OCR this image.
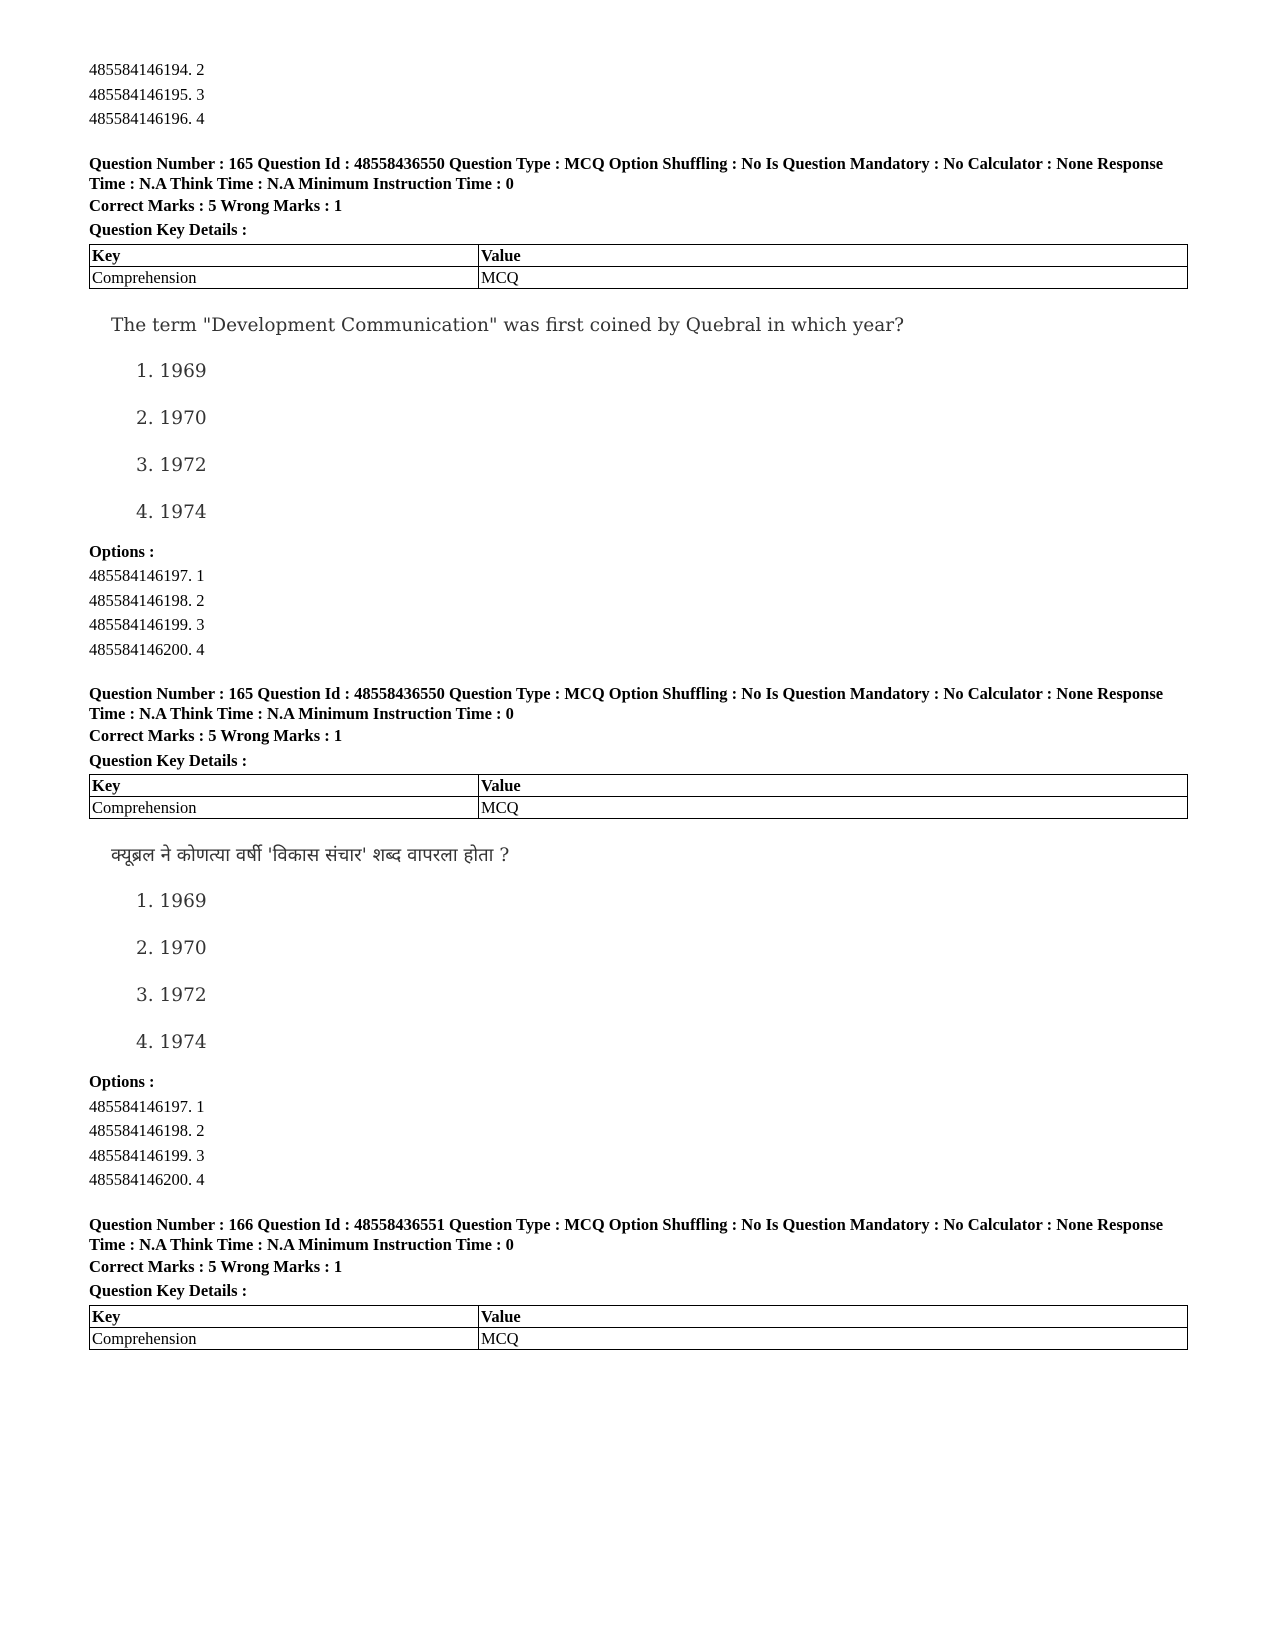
485584146194. 2
485584146195. 3
485584146196. 4
Question Number : 165 Question Id : 48558436550 Question Type : MCQ Option Shuffling : No Is Question Mandatory : No Calculator : None Response Time : N.A Think Time : N.A Minimum Instruction Time : 0
Correct Marks : 5 Wrong Marks : 1
Question Key Details :
Key	Value
Comprehension	MCQ
The term "Development Communication" was first coined by Quebral in which year?
1. 1969
2. 1970
3. 1972
4. 1974
Options :
485584146197. 1
485584146198. 2
485584146199. 3
485584146200. 4
Question Number : 165 Question Id : 48558436550 Question Type : MCQ Option Shuffling : No Is Question Mandatory : No Calculator : None Response Time : N.A Think Time : N.A Minimum Instruction Time : 0
Correct Marks : 5 Wrong Marks : 1
Question Key Details :
Key	Value
Comprehension	MCQ
क्यूब्रल ने कोणत्या वर्षी 'विकास संचार' शब्द वापरला होता ?
1. 1969
2. 1970
3. 1972
4. 1974
Options :
485584146197. 1
485584146198. 2
485584146199. 3
485584146200. 4
Question Number : 166 Question Id : 48558436551 Question Type : MCQ Option Shuffling : No Is Question Mandatory : No Calculator : None Response Time : N.A Think Time : N.A Minimum Instruction Time : 0
Correct Marks : 5 Wrong Marks : 1
Question Key Details :
Key	Value
Comprehension	MCQ
